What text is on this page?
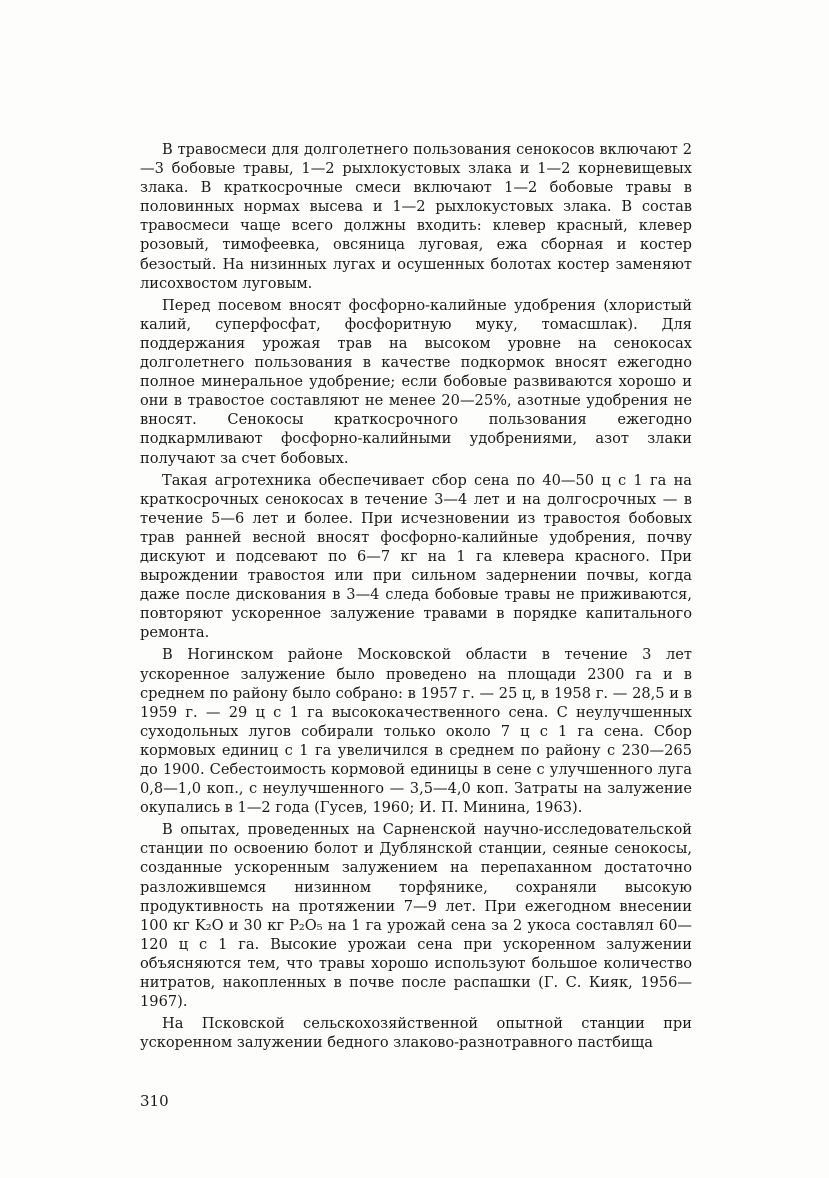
В травосмеси для долголетнего пользования сенокосов включают 2—3 бобовые травы, 1—2 рыхлокустовых злака и 1—2 корневищевых злака. В краткосрочные смеси включают 1—2 бобовые травы в половинных нормах высева и 1—2 рыхлокустовых злака. В состав травосмеси чаще всего должны входить: клевер красный, клевер розовый, тимофеевка, овсяница луговая, ежа сборная и костер безостый. На низинных лугах и осушенных болотах костер заменяют лисохвостом луговым.

Перед посевом вносят фосфорно-калийные удобрения (хлористый калий, суперфосфат, фосфоритную муку, томасшлак). Для поддержания урожая трав на высоком уровне на сенокосах долголетнего пользования в качестве подкормок вносят ежегодно полное минеральное удобрение; если бобовые развиваются хорошо и они в травостое составляют не менее 20—25%, азотные удобрения не вносят. Сенокосы краткосрочного пользования ежегодно подкармливают фосфорно-калийными удобрениями, азот злаки получают за счет бобовых.

Такая агротехника обеспечивает сбор сена по 40—50 ц с 1 га на краткосрочных сенокосах в течение 3—4 лет и на долгосрочных — в течение 5—6 лет и более. При исчезновении из травостоя бобовых трав ранней весной вносят фосфорно-калийные удобрения, почву дискуют и подсевают по 6—7 кг на 1 га клевера красного. При вырождении травостоя или при сильном задернении почвы, когда даже после дискования в 3—4 следа бобовые травы не приживаются, повторяют ускоренное залужение травами в порядке капитального ремонта.

В Ногинском районе Московской области в течение 3 лет ускоренное залужение было проведено на площади 2300 га и в среднем по району было собрано: в 1957 г. — 25 ц, в 1958 г. — 28,5 и в 1959 г. — 29 ц с 1 га высококачественного сена. С неулучшенных суходольных лугов собирали только около 7 ц с 1 га сена. Сбор кормовых единиц с 1 га увеличился в среднем по району с 230—265 до 1900. Себестоимость кормовой единицы в сене с улучшенного луга 0,8—1,0 коп., с неулучшенного — 3,5—4,0 коп. Затраты на залужение окупались в 1—2 года (Гусев, 1960; И. П. Минина, 1963).

В опытах, проведенных на Сарненской научно-исследовательской станции по освоению болот и Дублянской станции, сеяные сенокосы, созданные ускоренным залужением на перепаханном достаточно разложившемся низинном торфянике, сохраняли высокую продуктивность на протяжении 7—9 лет. При ежегодном внесении 100 кг K₂O и 30 кг P₂O₅ на 1 га урожай сена за 2 укоса составлял 60—120 ц с 1 га. Высокие урожаи сена при ускоренном залужении объясняются тем, что травы хорошо используют большое количество нитратов, накопленных в почве после распашки (Г. С. Кияк, 1956—1967).

На Псковской сельскохозяйственной опытной станции при ускоренном залужении бедного злаково-разнотравного пастбища

310
